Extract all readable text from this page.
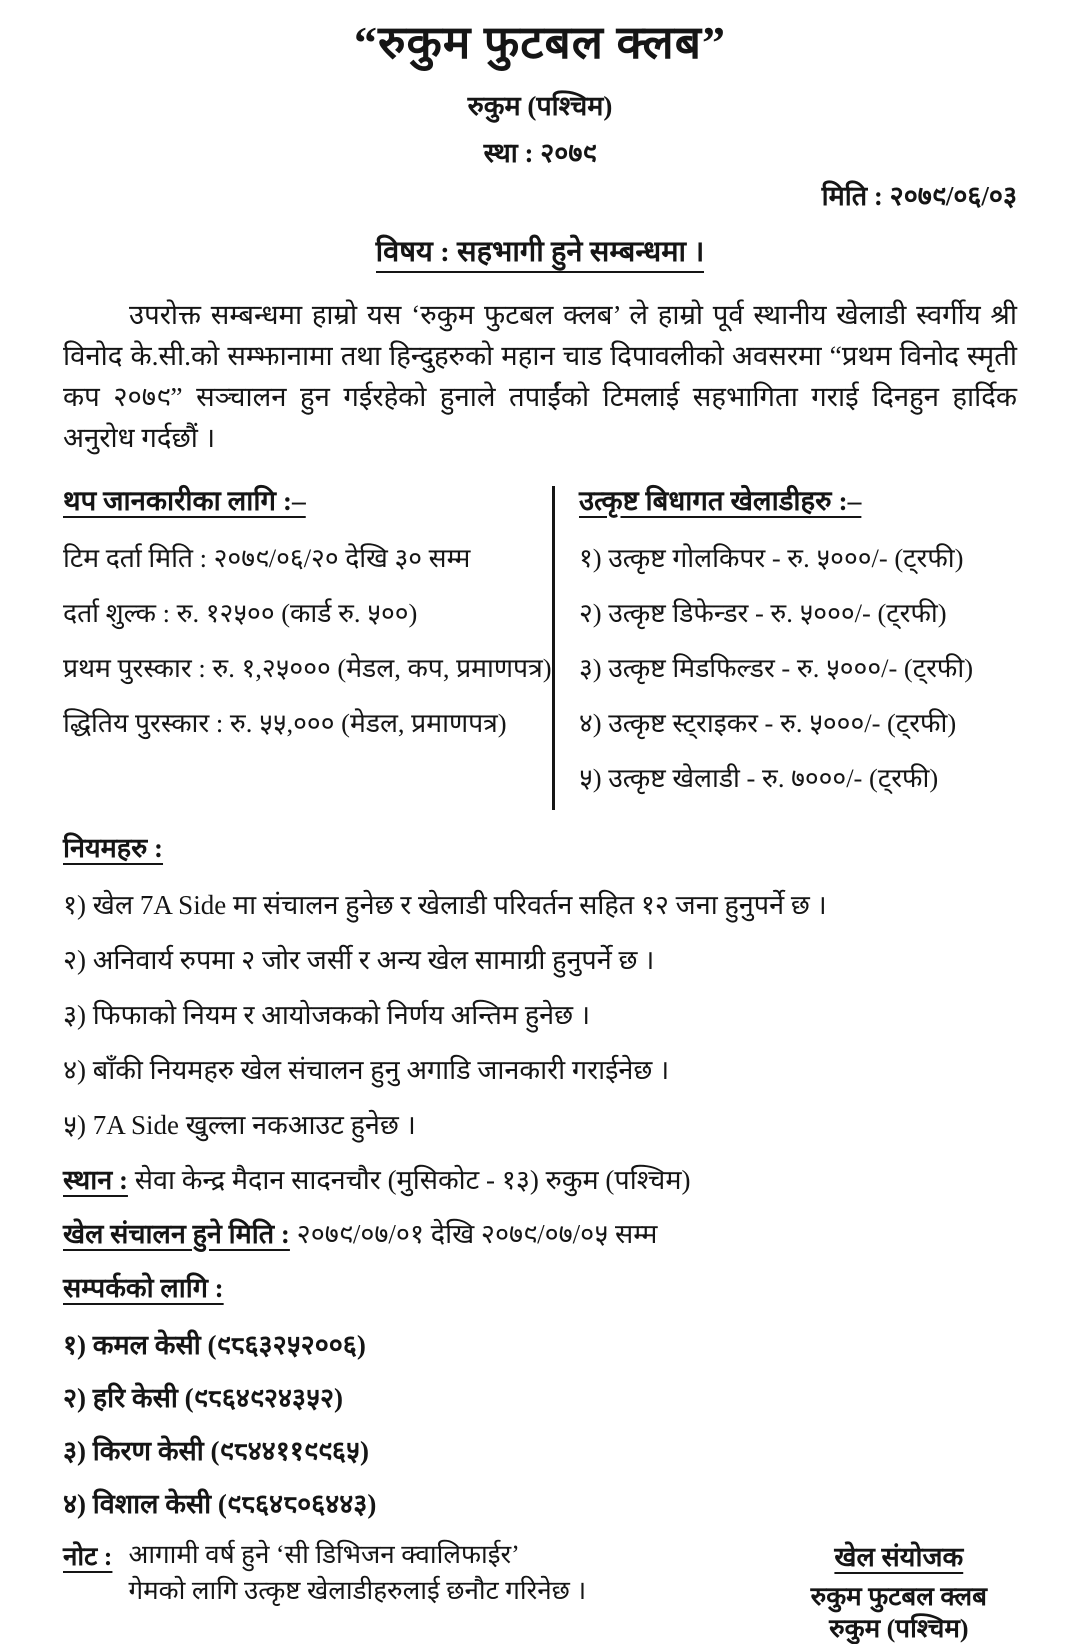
“रुकुम फुटबल क्लब”
रुकुम (पश्चिम)
स्था : २०७९
मिति : २०७९/०६/०३
विषय : सहभागी हुने सम्बन्धमा ।

उपरोक्त सम्बन्धमा हाम्रो यस ‘रुकुम फुटबल क्लब’ ले हाम्रो पूर्व स्थानीय खेलाडी स्वर्गीय श्री विनोद के.सी.को सम्झानामा तथा हिन्दुहरुको महान चाड दिपावलीको अवसरमा “प्रथम विनोद स्मृती कप २०७९” सञ्चालन हुन गईरहेको हुनाले तपाईंको टिमलाई सहभागिता गराई दिनहुन हार्दिक अनुरोध गर्दछौं ।

थप जानकारीका लागि :–
टिम दर्ता मिति : २०७९/०६/२० देखि ३० सम्म
दर्ता शुल्क : रु. १२५०० (कार्ड रु. ५००)
प्रथम पुरस्कार : रु. १,२५००० (मेडल, कप, प्रमाणपत्र)
द्धितिय पुरस्कार : रु. ५५,००० (मेडल, प्रमाणपत्र)
उत्कृष्ट बिधागत खेलाडीहरु :–
१) उत्कृष्ट गोलकिपर - रु. ५०००/- (ट्रफी)
२) उत्कृष्ट डिफेन्डर - रु. ५०००/- (ट्रफी)
३) उत्कृष्ट मिडफिल्डर - रु. ५०००/- (ट्रफी)
४) उत्कृष्ट स्ट्राइकर - रु. ५०००/- (ट्रफी)
५) उत्कृष्ट खेलाडी - रु. ७०००/- (ट्रफी)
नियमहरु :
१) खेल 7A Side मा संचालन हुनेछ र खेलाडी परिवर्तन सहित १२ जना हुनुपर्ने छ ।
२) अनिवार्य रुपमा २ जोर जर्सी र अन्य खेल सामाग्री हुनुपर्ने छ ।
३) फिफाको नियम र आयोजकको निर्णय अन्तिम हुनेछ ।
४) बाँकी नियमहरु खेल संचालन हुनु अगाडि जानकारी गराईनेछ ।
५) 7A Side खुल्ला नकआउट हुनेछ ।
स्थान : सेवा केन्द्र मैदान सादनचौर (मुसिकोट - १३) रुकुम (पश्चिम)
खेल संचालन हुने मिति : २०७९/०७/०१ देखि २०७९/०७/०५ सम्म
सम्पर्कको लागि :
१) कमल केसी (९८६३२५२००६)
२) हरि केसी (९८६४९२४३५२)
३) किरण केसी (९८४४११९९६५)
४) विशाल केसी (९८६४८०६४४३)
नोट : आगामी वर्ष हुने ‘सी डिभिजन क्वालिफाईर’
गेमको लागि उत्कृष्ट खेलाडीहरुलाई छनौट गरिनेछ ।
खेल संयोजक
रुकुम फुटबल क्लब
रुकुम (पश्चिम)
